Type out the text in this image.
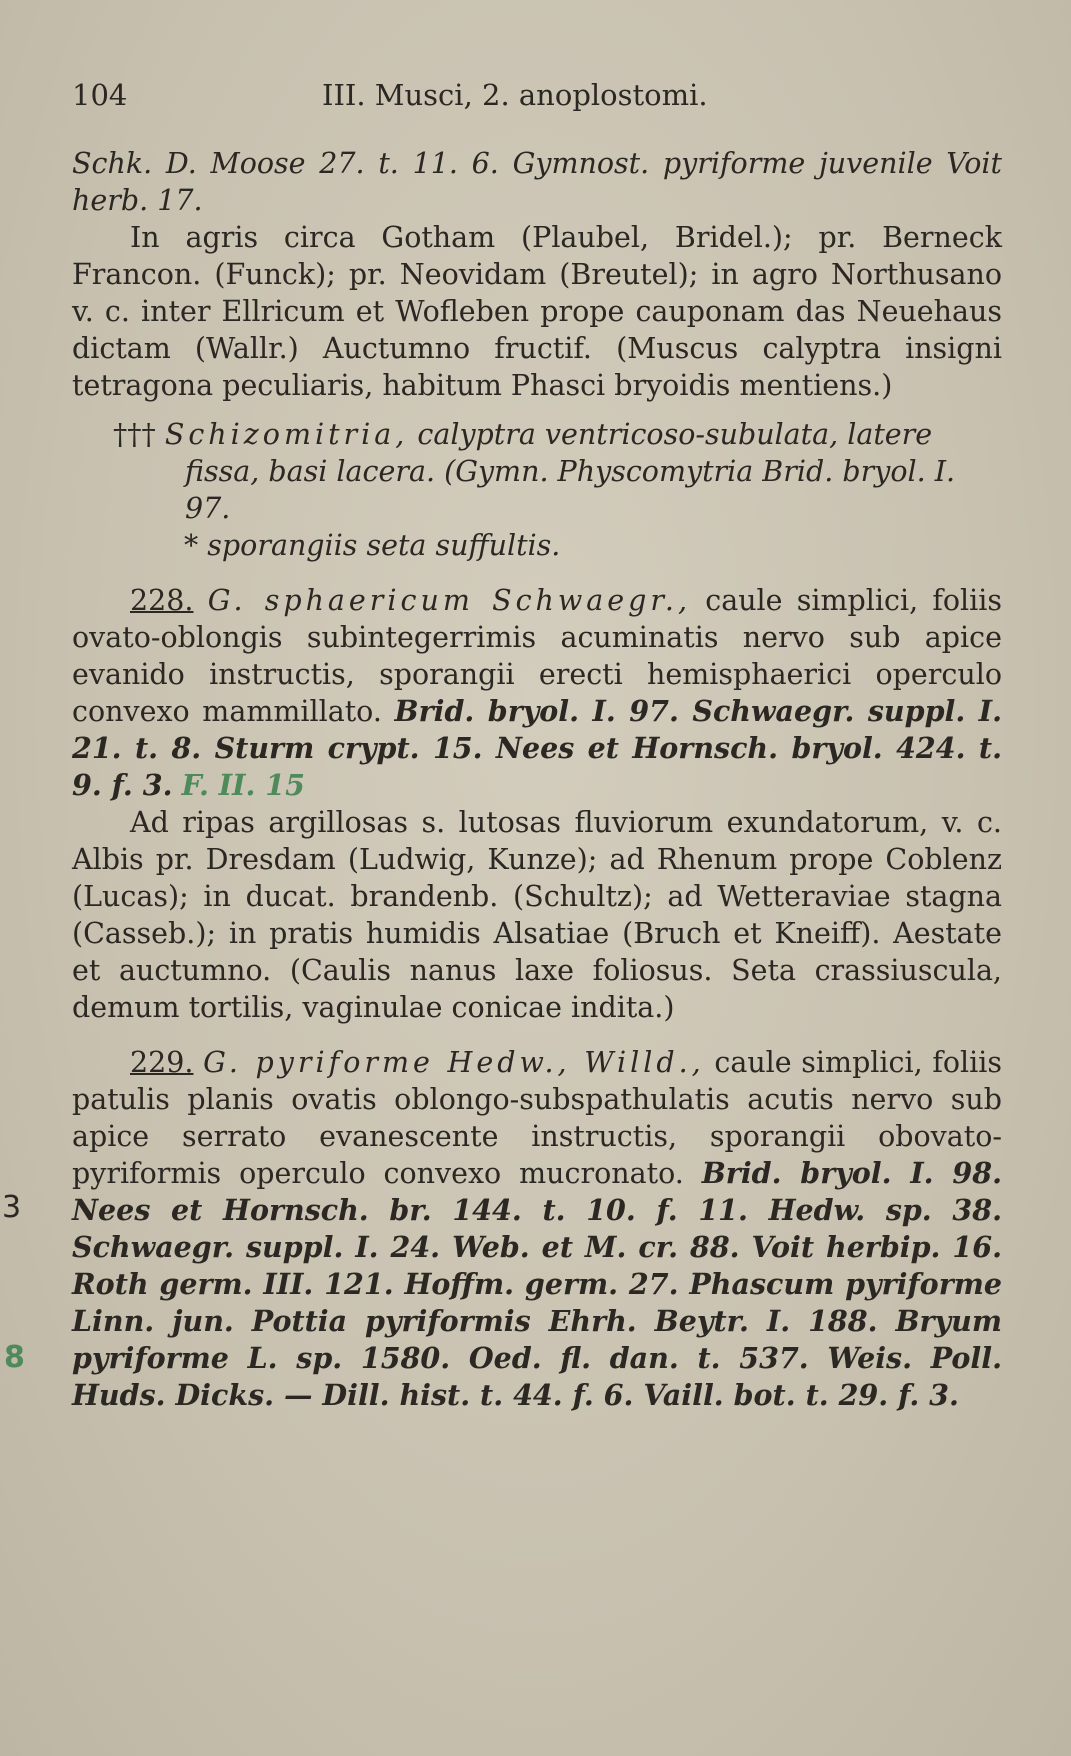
104	III. Musci, 2. anoplostomi.
3
8

Schk. D. Moose 27. t. 11. 6. Gymnost. pyriforme juvenile Voit herb. 17.

In agris circa Gotham (Plaubel, Bridel.); pr. Berneck Francon. (Funck); pr. Neovidam (Breutel); in agro Northusano v. c. inter Ellricum et Wofleben prope cauponam das Neuehaus dictam (Wallr.) Auctumno fructif. (Muscus calyptra insigni tetragona peculiaris, habitum Phasci bryoidis mentiens.)

††† Schizomitria, calyptra ventricoso-subulata, latere fissa, basi lacera. (Gymn. Physcomytria Brid. bryol. I. 97.

* sporangiis seta suffultis.

228. G. sphaericum Schwaegr., caule simplici, foliis ovato-oblongis subintegerrimis acuminatis nervo sub apice evanido instructis, sporangii erecti hemisphaerici operculo convexo mammillato. Brid. bryol. I. 97. Schwaegr. suppl. I. 21. t. 8. Sturm crypt. 15. Nees et Hornsch. bryol. 424. t. 9. f. 3. F. II. 15

Ad ripas argillosas s. lutosas fluviorum exundatorum, v. c. Albis pr. Dresdam (Ludwig, Kunze); ad Rhenum prope Coblenz (Lucas); in ducat. brandenb. (Schultz); ad Wetteraviae stagna (Casseb.); in pratis humidis Alsatiae (Bruch et Kneiff). Aestate et auctumno. (Caulis nanus laxe foliosus. Seta crassiuscula, demum tortilis, vaginulae conicae indita.)

229. G. pyriforme Hedw., Willd., caule simplici, foliis patulis planis ovatis oblongo-subspathulatis acutis nervo sub apice serrato evanescente instructis, sporangii obovato-pyriformis operculo convexo mucronato. Brid. bryol. I. 98. Nees et Hornsch. br. 144. t. 10. f. 11. Hedw. sp. 38. Schwaegr. suppl. I. 24. Web. et M. cr. 88. Voit herbip. 16. Roth germ. III. 121. Hoffm. germ. 27. Phascum pyriforme Linn. jun. Pottia pyriformis Ehrh. Beytr. I. 188. Bryum pyriforme L. sp. 1580. Oed. fl. dan. t. 537. Weis. Poll. Huds. Dicks. — Dill. hist. t. 44. f. 6. Vaill. bot. t. 29. f. 3.
